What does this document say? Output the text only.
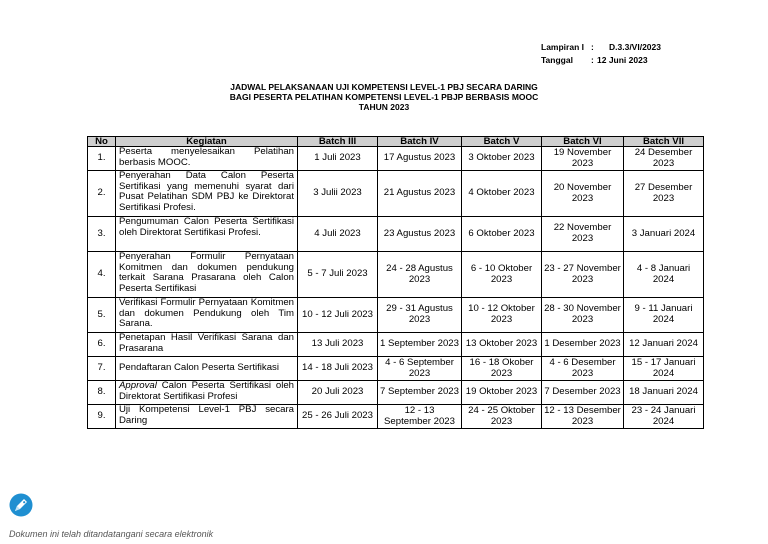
Lampiran I :	D.3.3/VI/2023
Tanggal	: 12 Juni 2023
JADWAL PELAKSANAAN UJI KOMPETENSI LEVEL-1 PBJ SECARA DARING
BAGI PESERTA PELATIHAN KOMPETENSI LEVEL-1 PBJP BERBASIS MOOC
TAHUN 2023
No	Kegiatan	Batch III	Batch IV	Batch V	Batch VI	Batch VII
1.	Peserta menyelesaikan Pelatihan berbasis MOOC.	1 Juli 2023	17 Agustus 2023	3 Oktober 2023	19 November 2023	24 Desember 2023
2.	Penyerahan Data Calon Peserta Sertifikasi yang memenuhi syarat dari Pusat Pelatihan SDM PBJ ke Direktorat Sertifikasi Profesi.	3 Julii 2023	21 Agustus 2023	4 Oktober 2023	20 November 2023	27 Desember 2023
3.	Pengumuman Calon Peserta Sertifikasi oleh Direktorat Sertifikasi Profesi.	4 Juli 2023	23 Agustus 2023	6 Oktober 2023	22 November 2023	3 Januari 2024
4.	Penyerahan Formulir Pernyataan Komitmen dan dokumen pendukung terkait Sarana Prasarana oleh Calon Peserta Sertifikasi	5 - 7 Juli 2023	24 - 28 Agustus 2023	6 - 10 Oktober 2023	23 - 27 November 2023	4 - 8 Januari 2024
5.	Verifikasi Formulir Pernyataan Komitmen dan dokumen Pendukung oleh Tim Sarana.	10 - 12 Juli 2023	29 - 31 Agustus 2023	10 - 12 Oktober 2023	28 - 30 November 2023	9 - 11 Januari 2024
6.	Penetapan Hasil Verifikasi Sarana dan Prasarana	13 Juli 2023	1 September 2023	13 Oktober 2023	1 Desember 2023	12 Januari 2024
7.	Pendaftaran Calon Peserta Sertifikasi	14 - 18 Juli 2023	4 - 6 September 2023	16 - 18 Okober 2023	4 - 6 Desember 2023	15 - 17 Januari 2024
8.	Approval Calon Peserta Sertifikasi oleh Direktorat Sertifikasi Profesi	20 Juli 2023	7 September 2023	19 Oktober 2023	7 Desember 2023	18 Januari 2024
9.	Uji Kompetensi Level-1 PBJ secara Daring	25 - 26 Juli 2023	12 - 13 September 2023	24 - 25 Oktober 2023	12 - 13 Desember 2023	23 - 24 Januari 2024
Dokumen ini telah ditandatangani secara elektronik
